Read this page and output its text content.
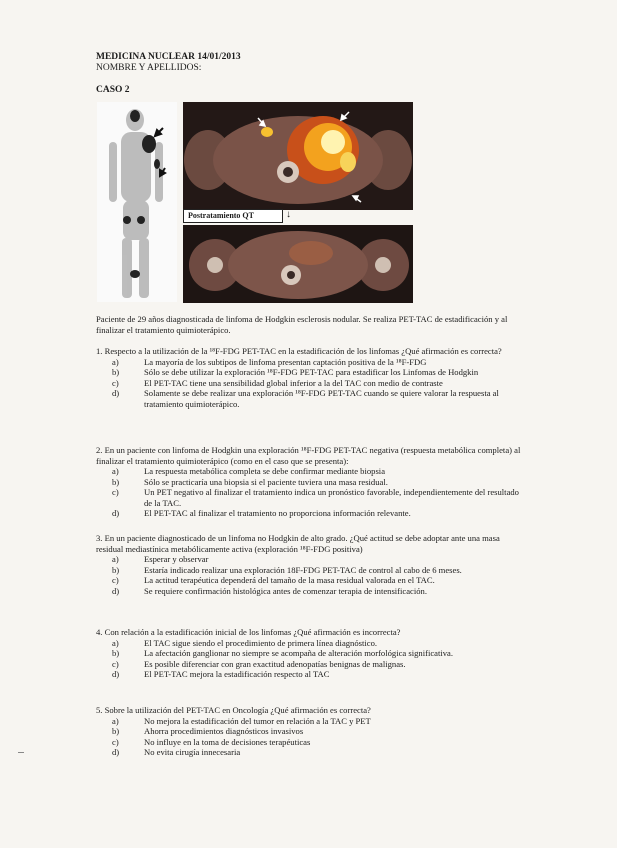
MEDICINA NUCLEAR 14/01/2013
NOMBRE Y APELLIDOS:
CASO 2
Postratamiento QT	↓
Paciente de 29 años diagnosticada de linfoma de Hodgkin esclerosis nodular. Se realiza PET-TAC de estadificación y al finalizar el tratamiento quimioterápico.
1. Respecto a la utilización de la ¹⁸F-FDG PET-TAC en la estadificación de los linfomas ¿Qué afirmación es correcta?
a)	La mayoría de los subtipos de linfoma presentan captación positiva de la ¹⁸F-FDG
b)	Sólo se debe utilizar la exploración ¹⁸F-FDG PET-TAC para estadificar los Linfomas de Hodgkin
c)	El PET-TAC tiene una sensibilidad global inferior a la del TAC con medio de contraste
d)	Solamente se debe realizar una exploración ¹⁸F-FDG PET-TAC cuando se quiere valorar la respuesta al tratamiento quimioterápico.
2. En un paciente con linfoma de Hodgkin una exploración ¹⁸F-FDG PET-TAC negativa (respuesta metabólica completa) al finalizar el tratamiento quimioterápico (como en el caso que se presenta):
a)	La respuesta metabólica completa se debe confirmar mediante biopsia
b)	Sólo se practicaría una biopsia si el paciente tuviera una masa residual.
c)	Un PET negativo al finalizar el tratamiento indica un pronóstico favorable, independientemente del resultado de la TAC.
d)	El PET-TAC al finalizar el tratamiento no proporciona información relevante.
3. En un paciente diagnosticado de un linfoma no Hodgkin de alto grado. ¿Qué actitud se debe adoptar ante una masa residual mediastínica metabólicamente activa (exploración ¹⁸F-FDG positiva)
a)	Esperar y observar
b)	Estaría indicado realizar una exploración 18F-FDG PET-TAC de control al cabo de 6 meses.
c)	La actitud terapéutica dependerá del tamaño de la masa residual valorada en el TAC.
d)	Se requiere confirmación histológica antes de comenzar terapia de intensificación.
4. Con relación a la estadificación inicial de los linfomas ¿Qué afirmación es incorrecta?
a)	El TAC sigue siendo el procedimiento de primera línea diagnóstico.
b)	La afectación ganglionar no siempre se acompaña de alteración morfológica significativa.
c)	Es posible diferenciar con gran exactitud adenopatías benignas de malignas.
d)	El PET-TAC mejora la estadificación respecto al TAC
5. Sobre la utilización del PET-TAC en Oncología ¿Qué afirmación es correcta?
a)	No mejora la estadificación del tumor en relación a la TAC y PET
b)	Ahorra procedimientos diagnósticos invasivos
c)	No influye en la toma de decisiones terapéuticas
d)	No evita cirugía innecesaria
